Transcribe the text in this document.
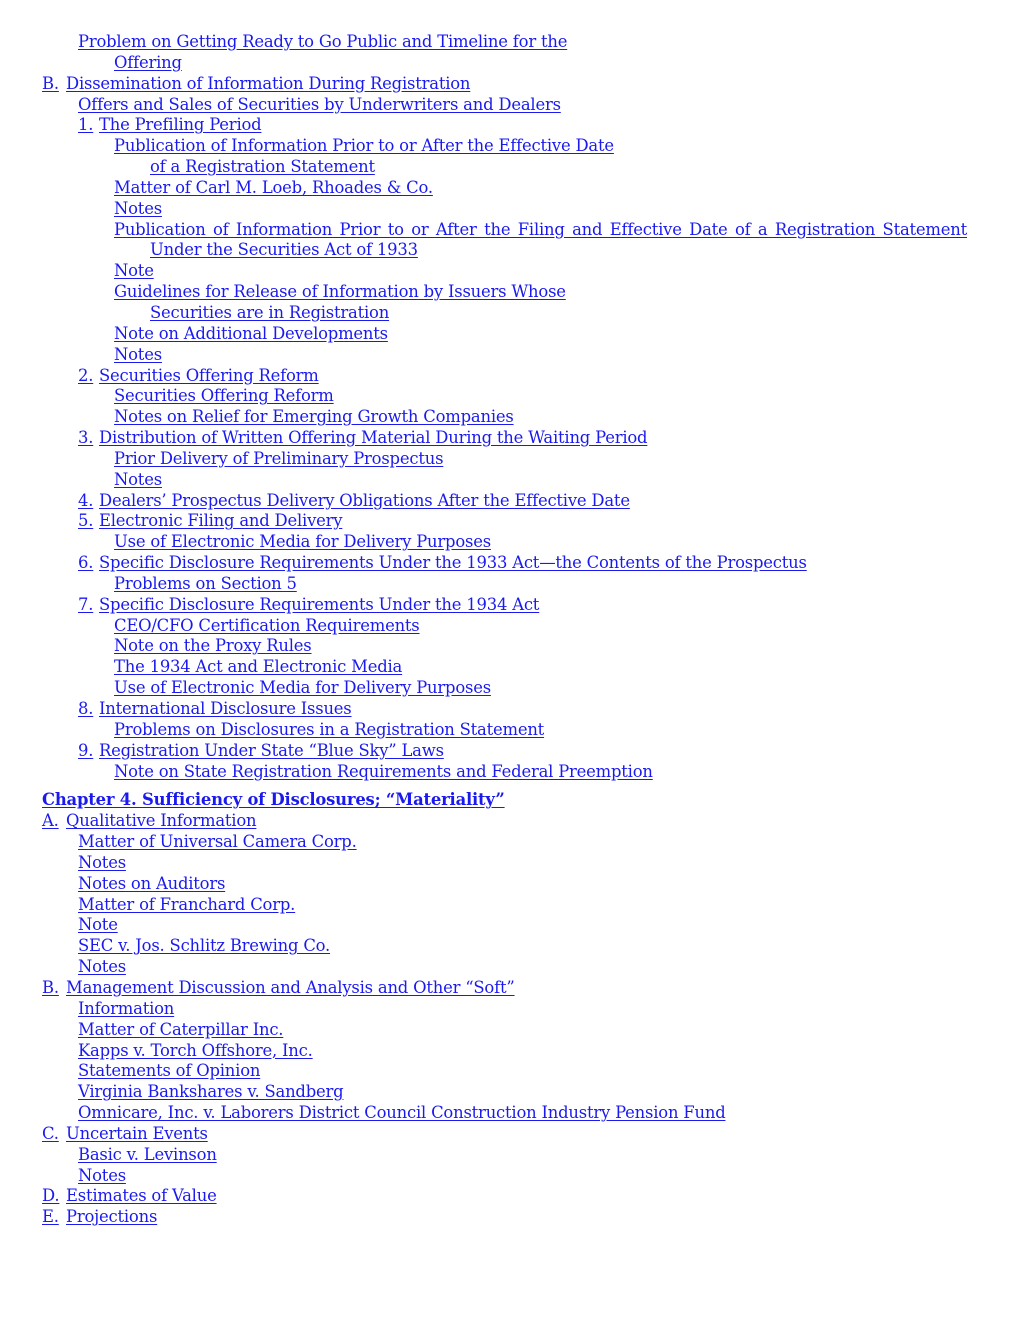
Problem on Getting Ready to Go Public and Timeline for the
Offering
B. Dissemination of Information During Registration
Offers and Sales of Securities by Underwriters and Dealers
1. The Prefiling Period
Publication of Information Prior to or After the Effective Date
of a Registration Statement
Matter of Carl M. Loeb, Rhoades & Co.
Notes
Publication of Information Prior to or After the Filing and Effective Date of a Registration Statement
Under the Securities Act of 1933
Note
Guidelines for Release of Information by Issuers Whose
Securities are in Registration
Note on Additional Developments
Notes
2. Securities Offering Reform
Securities Offering Reform
Notes on Relief for Emerging Growth Companies
3. Distribution of Written Offering Material During the Waiting Period
Prior Delivery of Preliminary Prospectus
Notes
4. Dealers’ Prospectus Delivery Obligations After the Effective Date
5. Electronic Filing and Delivery
Use of Electronic Media for Delivery Purposes
6. Specific Disclosure Requirements Under the 1933 Act—the Contents of the Prospectus
Problems on Section 5
7. Specific Disclosure Requirements Under the 1934 Act
CEO/CFO Certification Requirements
Note on the Proxy Rules
The 1934 Act and Electronic Media
Use of Electronic Media for Delivery Purposes
8. International Disclosure Issues
Problems on Disclosures in a Registration Statement
9. Registration Under State “Blue Sky” Laws
Note on State Registration Requirements and Federal Preemption
Chapter 4. Sufficiency of Disclosures; “Materiality”
A. Qualitative Information
Matter of Universal Camera Corp.
Notes
Notes on Auditors
Matter of Franchard Corp.
Note
SEC v. Jos. Schlitz Brewing Co.
Notes
B. Management Discussion and Analysis and Other “Soft”
Information
Matter of Caterpillar Inc.
Kapps v. Torch Offshore, Inc.
Statements of Opinion
Virginia Bankshares v. Sandberg
Omnicare, Inc. v. Laborers District Council Construction Industry Pension Fund
C. Uncertain Events
Basic v. Levinson
Notes
D. Estimates of Value
E. Projections
